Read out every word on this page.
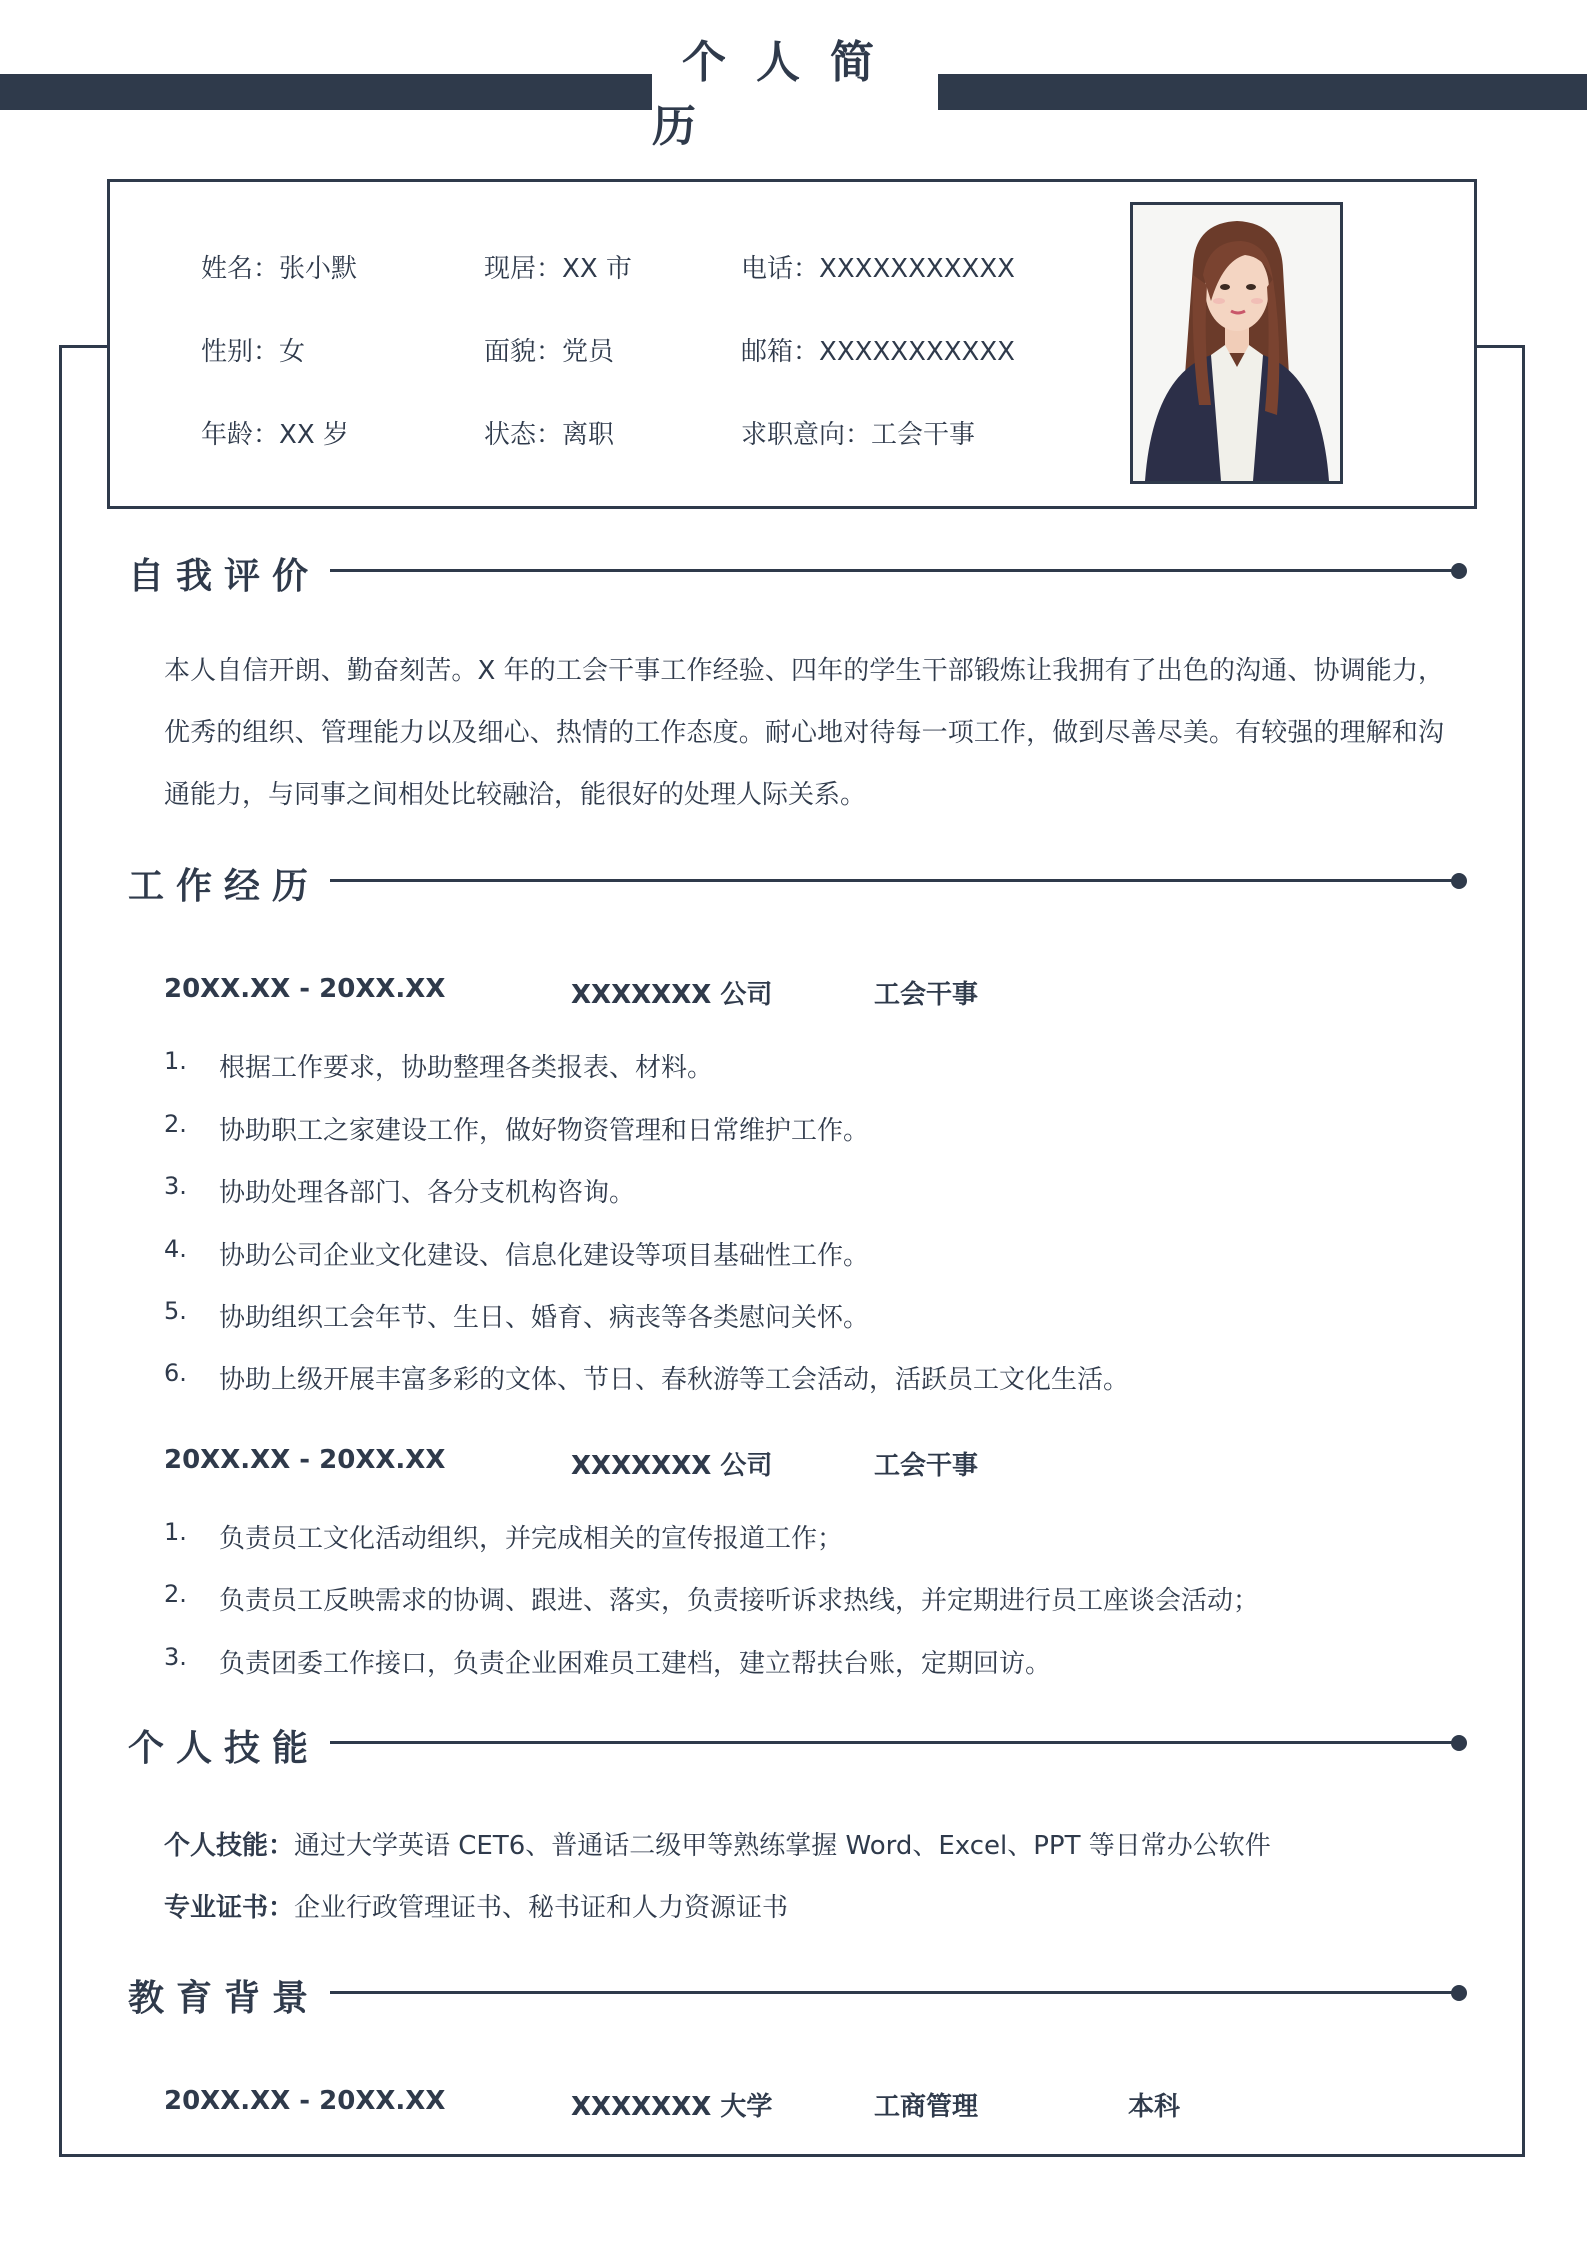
个人简历
姓名：张小默	现居：XX 市	电话：XXXXXXXXXXX
性别：女	面貌：党员	邮箱：XXXXXXXXXXX
年龄：XX 岁	状态：离职	求职意向：工会干事
自我评价
本人自信开朗、勤奋刻苦。X 年的工会干事工作经验、四年的学生干部锻炼让我拥有了出色的沟通、协调能力，优秀的组织、管理能力以及细心、热情的工作态度。耐心地对待每一项工作，做到尽善尽美。有较强的理解和沟通能力，与同事之间相处比较融洽，能很好的处理人际关系。
工作经历
20XX.XX - 20XX.XX	XXXXXXX 公司	工会干事
1. 根据工作要求，协助整理各类报表、材料。
2. 协助职工之家建设工作，做好物资管理和日常维护工作。
3. 协助处理各部门、各分支机构咨询。
4. 协助公司企业文化建设、信息化建设等项目基础性工作。
5. 协助组织工会年节、生日、婚育、病丧等各类慰问关怀。
6. 协助上级开展丰富多彩的文体、节日、春秋游等工会活动，活跃员工文化生活。
20XX.XX - 20XX.XX	XXXXXXX 公司	工会干事
1. 负责员工文化活动组织，并完成相关的宣传报道工作；
2. 负责员工反映需求的协调、跟进、落实，负责接听诉求热线，并定期进行员工座谈会活动；
3. 负责团委工作接口，负责企业困难员工建档，建立帮扶台账，定期回访。
个人技能
个人技能：通过大学英语 CET6、普通话二级甲等熟练掌握 Word、Excel、PPT 等日常办公软件
专业证书：企业行政管理证书、秘书证和人力资源证书
教育背景
20XX.XX - 20XX.XX	XXXXXXX 大学	工商管理	本科
